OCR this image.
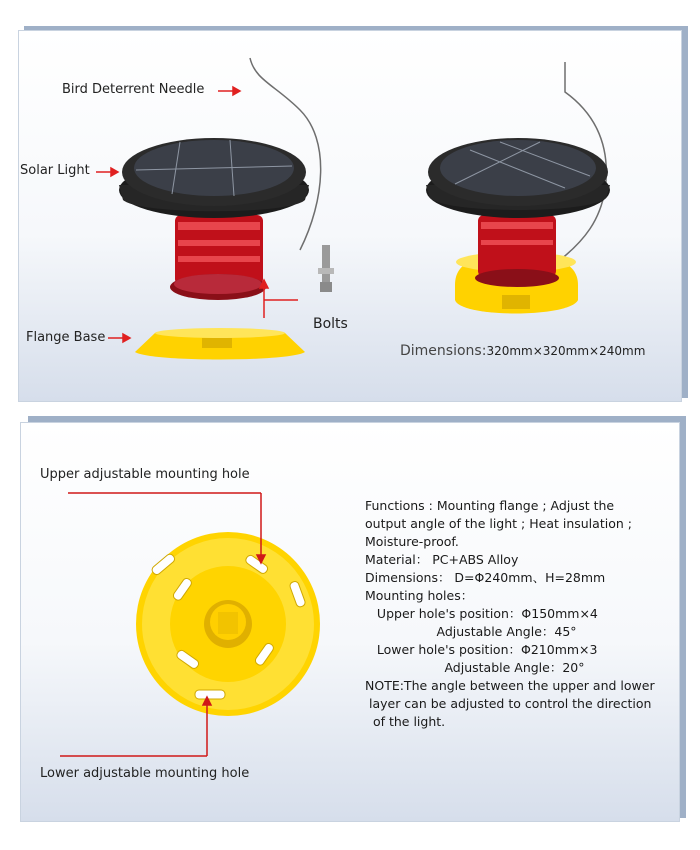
Bird Deterrent Needle
Solar Light
Flange Base
Bolts
Dimensions:320mm×320mm×240mm
Upper adjustable mounting hole
Lower adjustable mounting hole
Functions : Mounting flange ; Adjust the
output angle of the light ; Heat insulation ;
Moisture-proof.
Material： PC+ABS Alloy
Dimensions： D=Φ240mm、H=28mm
Mounting holes：
Upper hole's position：Φ150mm×4
Adjustable Angle：45°
Lower hole's position：Φ210mm×3
Adjustable Angle：20°
NOTE:The angle between the upper and lower
layer can be adjusted to control the direction
of the light.
